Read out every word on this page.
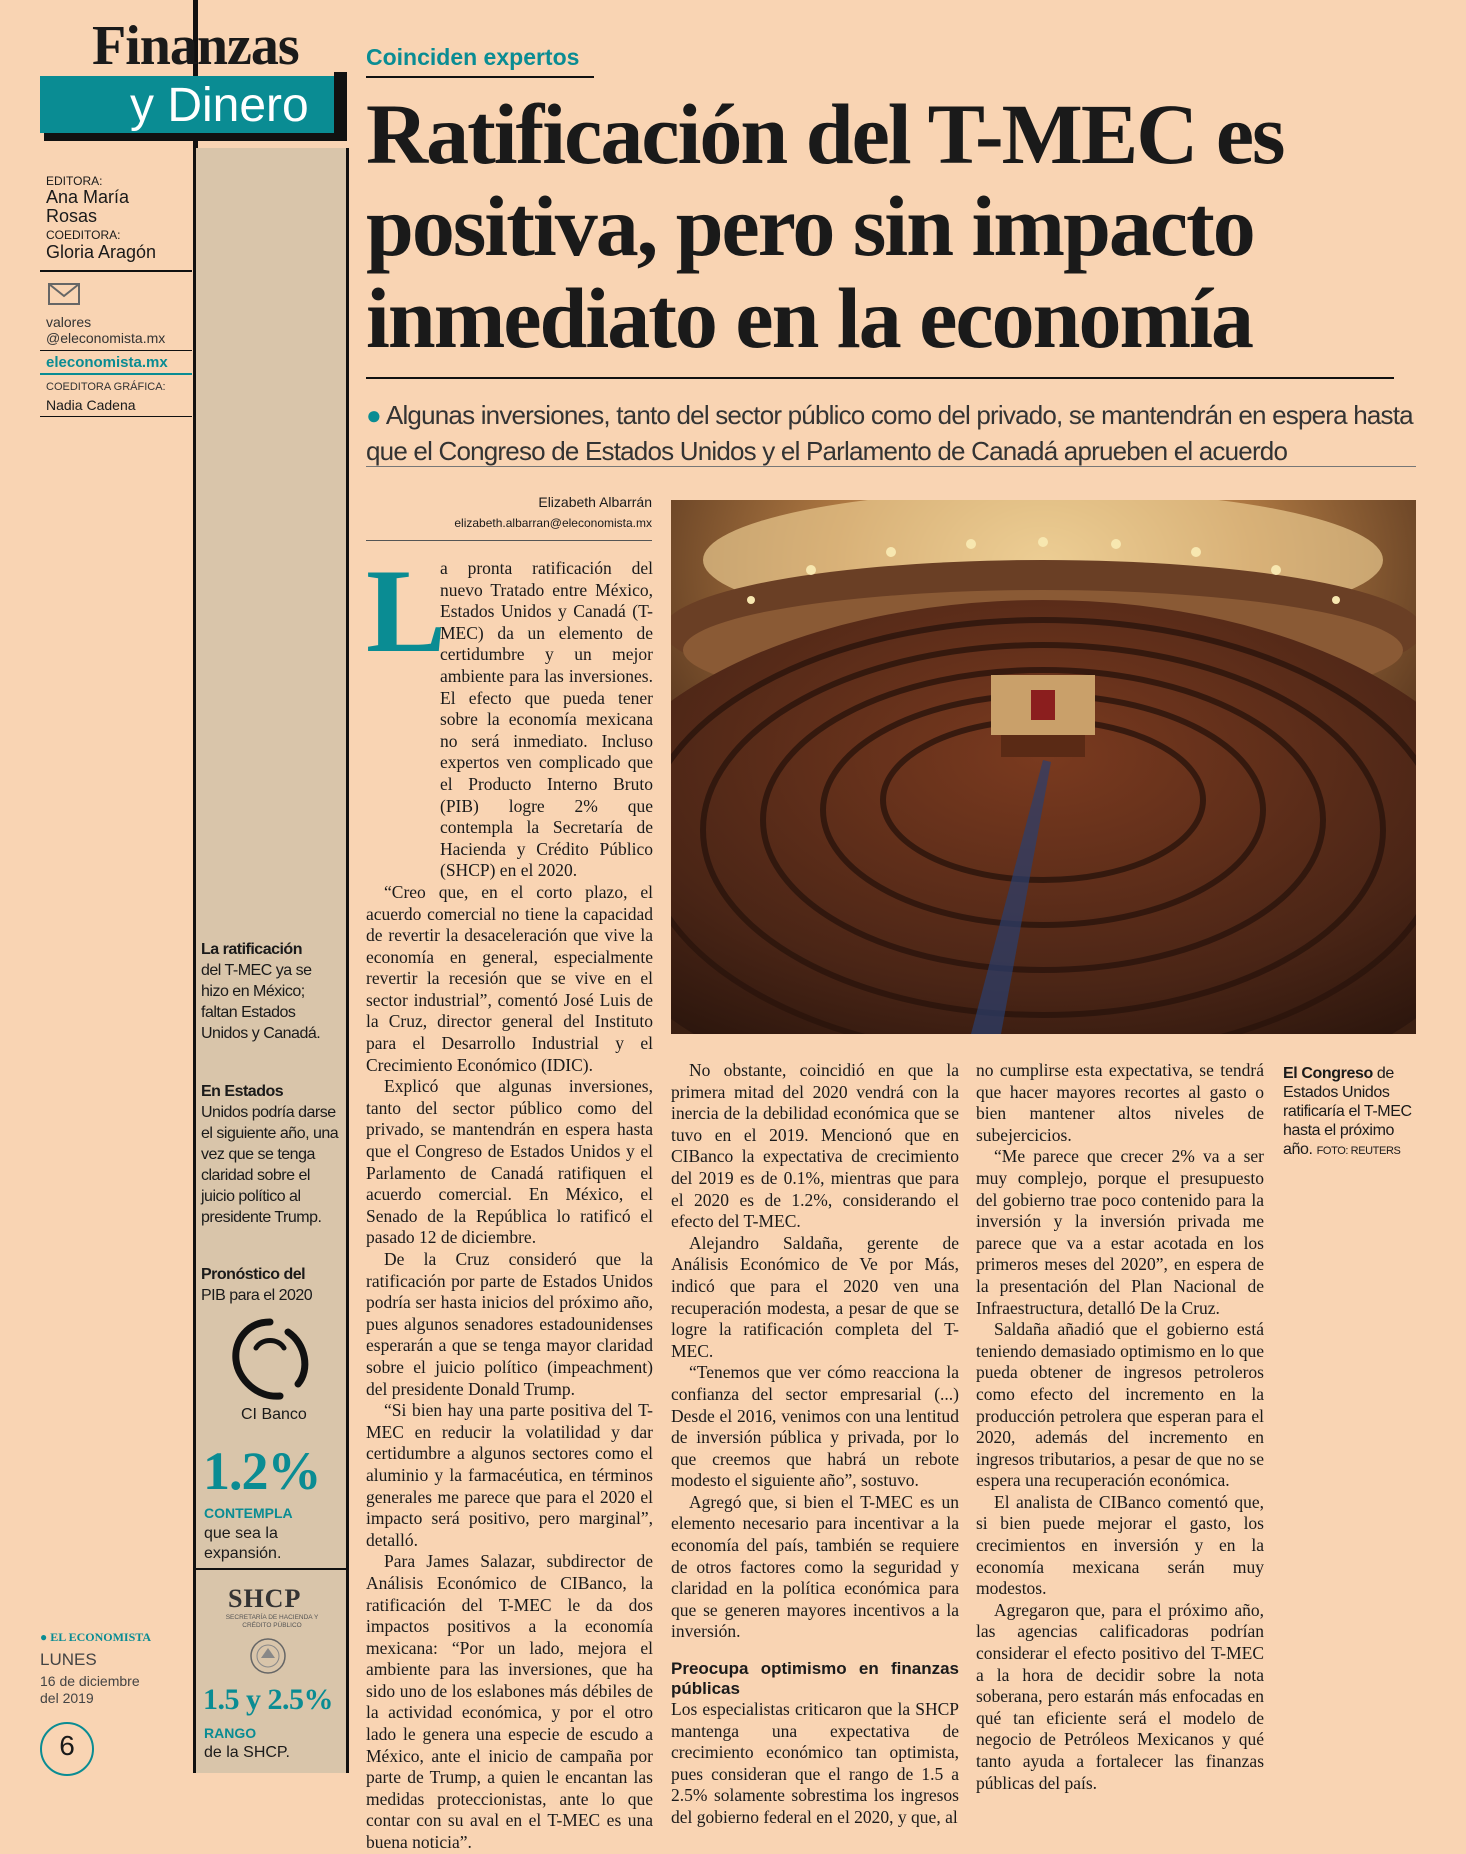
Finanzas
y Dinero
EDITORA:
Ana María
Rosas
COEDITORA:
Gloria Aragón
valores
@eleconomista.mx
eleconomista.mx
COEDITORA GRÁFICA:
Nadia Cadena
La ratificación
del T-MEC ya se hizo en México; faltan Estados Unidos y Canadá.
En Estados
Unidos podría darse el siguiente año, una vez que se tenga claridad sobre el juicio político al presidente Trump.
Pronóstico del
PIB para el 2020
CI Banco
1.2%
CONTEMPLA
que sea la expansión.
SHCP
SECRETARÍA DE HACIENDA Y CRÉDITO PÚBLICO
1.5 y 2.5%
RANGO
de la SHCP.
● EL ECONOMISTA
LUNES
16 de diciembre
del 2019
6
Coinciden expertos
Ratificación del T-MEC es positiva, pero sin impacto inmediato en la economía
● Algunas inversiones, tanto del sector público como del privado, se mantendrán en espera hasta que el Congreso de Estados Unidos y el Parlamento de Canadá aprueben el acuerdo
Elizabeth Albarrán
elizabeth.albarran@eleconomista.mx
El Congreso de Estados Unidos ratificaría el T-MEC hasta el próximo año. FOTO: REUTERS
L

a pronta ratificación del nuevo Tratado entre México, Estados Unidos y Canadá (T-MEC) da un elemento de certidumbre y un mejor ambiente para las inversiones. El efecto que pueda tener sobre la economía mexicana no será inmediato. Incluso expertos ven complicado que el Producto Interno Bruto (PIB) logre 2% que contempla la Secretaría de Hacienda y Crédito Público (SHCP) en el 2020.

“Creo que, en el corto plazo, el acuerdo comercial no tiene la capacidad de revertir la desaceleración que vive la economía en general, especialmente revertir la recesión que se vive en el sector industrial”, comentó José Luis de la Cruz, director general del Instituto para el Desarrollo Industrial y el Crecimiento Económico (IDIC).

Explicó que algunas inversiones, tanto del sector público como del privado, se mantendrán en espera hasta que el Congreso de Estados Unidos y el Parlamento de Canadá ratifiquen el acuerdo comercial. En México, el Senado de la República lo ratificó el pasado 12 de diciembre.

De la Cruz consideró que la ratificación por parte de Estados Unidos podría ser hasta inicios del próximo año, pues algunos senadores estadounidenses esperarán a que se tenga mayor claridad sobre el juicio político (impeachment) del presidente Donald Trump.

“Si bien hay una parte positiva del T-MEC en reducir la volatilidad y dar certidumbre a algunos sectores como el aluminio y la farmacéutica, en términos generales me parece que para el 2020 el impacto será positivo, pero marginal”, detalló.

Para James Salazar, subdirector de Análisis Económico de CIBanco, la ratificación del T-MEC le da dos impactos positivos a la economía mexicana: “Por un lado, mejora el ambiente para las inversiones, que ha sido uno de los eslabones más débiles de la actividad económica, y por el otro lado le genera una especie de escudo a México, ante el inicio de campaña por parte de Trump, a quien le encantan las medidas proteccionistas, ante lo que contar con su aval en el T-MEC es una buena noticia”.

No obstante, coincidió en que la primera mitad del 2020 vendrá con la inercia de la debilidad económica que se tuvo en el 2019. Mencionó que en CIBanco la expectativa de crecimiento del 2019 es de 0.1%, mientras que para el 2020 es de 1.2%, considerando el efecto del T-MEC.

Alejandro Saldaña, gerente de Análisis Económico de Ve por Más, indicó que para el 2020 ven una recuperación modesta, a pesar de que se logre la ratificación completa del T-MEC.

“Tenemos que ver cómo reacciona la confianza del sector empresarial (...) Desde el 2016, venimos con una lentitud de inversión pública y privada, por lo que creemos que habrá un rebote modesto el siguiente año”, sostuvo.

Agregó que, si bien el T-MEC es un elemento necesario para incentivar a la economía del país, también se requiere de otros factores como la seguridad y claridad en la política económica para que se generen mayores incentivos a la inversión.

Preocupa optimismo en finanzas públicas

Los especialistas criticaron que la SHCP mantenga una expectativa de crecimiento económico tan optimista, pues consideran que el rango de 1.5 a 2.5% solamente sobrestima los ingresos del gobierno federal en el 2020, y que, al

no cumplirse esta expectativa, se tendrá que hacer mayores recortes al gasto o bien mantener altos niveles de subejercicios.

“Me parece que crecer 2% va a ser muy complejo, porque el presupuesto del gobierno trae poco contenido para la inversión y la inversión privada me parece que va a estar acotada en los primeros meses del 2020”, en espera de la presentación del Plan Nacional de Infraestructura, detalló De la Cruz.

Saldaña añadió que el gobierno está teniendo demasiado optimismo en lo que pueda obtener de ingresos petroleros como efecto del incremento en la producción petrolera que esperan para el 2020, además del incremento en ingresos tributarios, a pesar de que no se espera una recuperación económica.

El analista de CIBanco comentó que, si bien puede mejorar el gasto, los crecimientos en inversión y en la economía mexicana serán muy modestos.

Agregaron que, para el próximo año, las agencias calificadoras podrían considerar el efecto positivo del T-MEC a la hora de decidir sobre la nota soberana, pero estarán más enfocadas en qué tan eficiente será el modelo de negocio de Petróleos Mexicanos y qué tanto ayuda a fortalecer las finanzas públicas del país.
